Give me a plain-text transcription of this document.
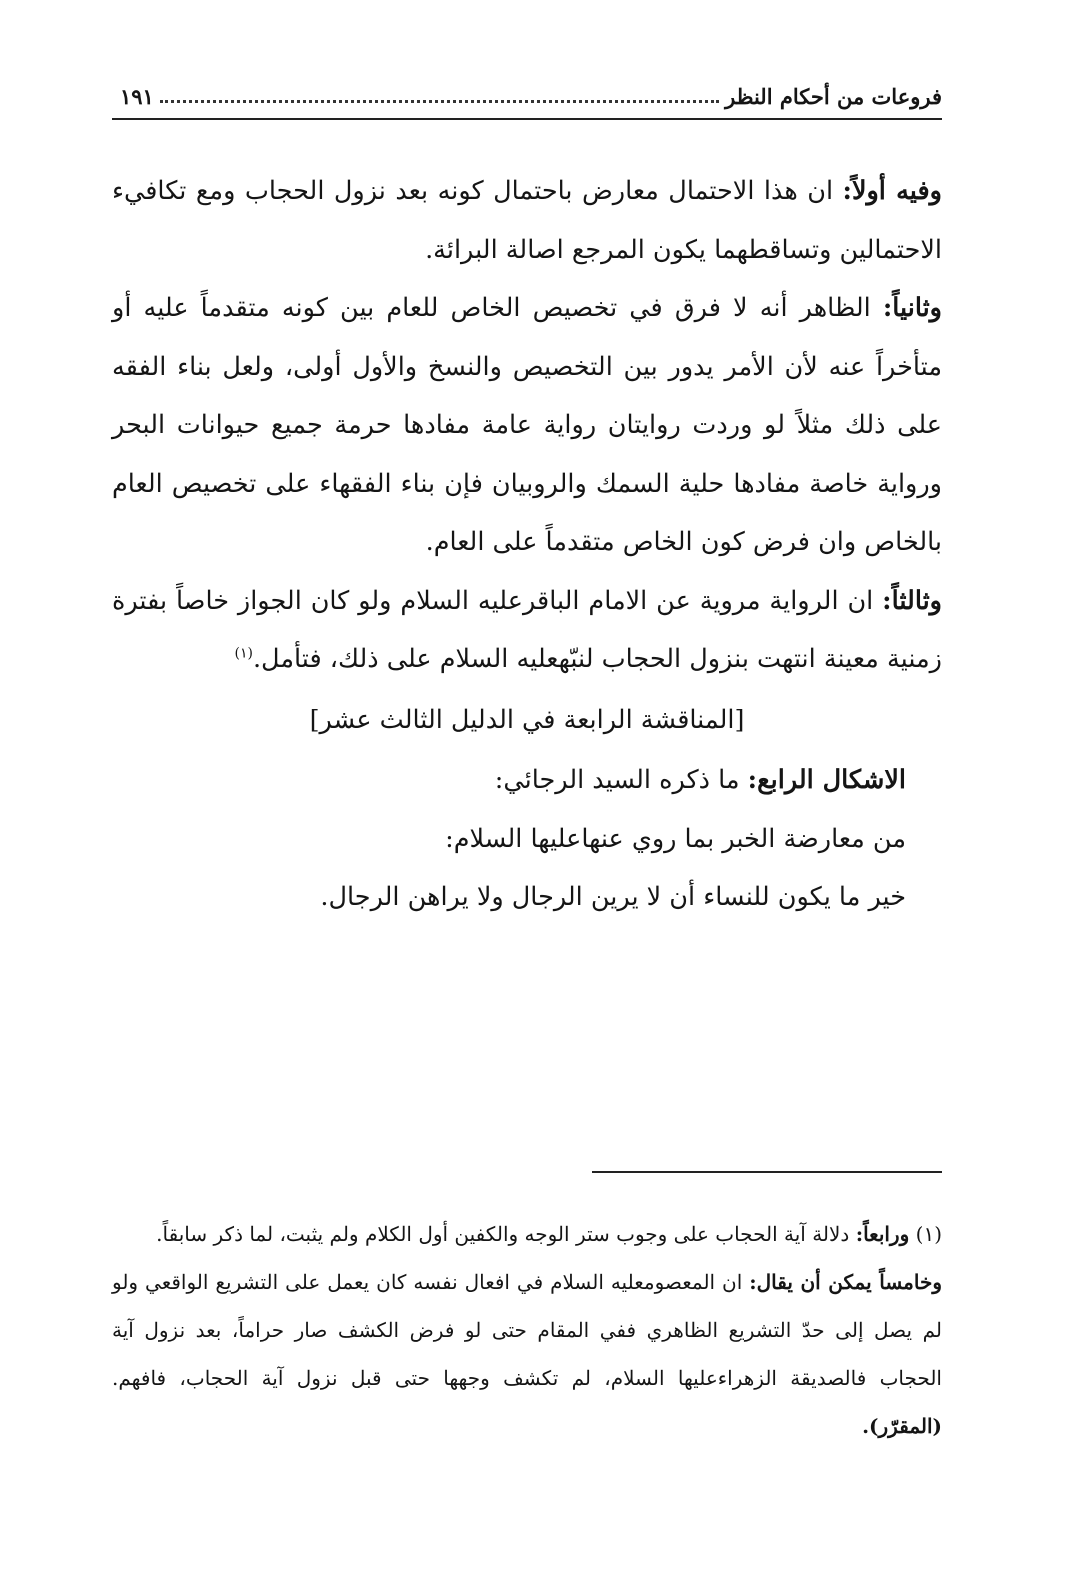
فروعات من أحكام النظر
١٩١

وفيه أولاً: ان هذا الاحتمال معارض باحتمال كونه بعد نزول الحجاب ومع تكافيء الاحتمالين وتساقطهما يكون المرجع اصالة البرائة.

وثانياً: الظاهر أنه لا فرق في تخصيص الخاص للعام بين كونه متقدماً عليه أو متأخراً عنه لأن الأمر يدور بين التخصيص والنسخ والأول أولى، ولعل بناء الفقه على ذلك مثلاً لو وردت روايتان رواية عامة مفادها حرمة جميع حيوانات البحر ورواية خاصة مفادها حلية السمك والروبيان فإن بناء الفقهاء على تخصيص العام بالخاص وان فرض كون الخاص متقدماً على العام.

وثالثاً: ان الرواية مروية عن الامام الباقرعليه السلام ولو كان الجواز خاصاً بفترة زمنية معينة انتهت بنزول الحجاب لنبّهعليه السلام على ذلك، فتأمل.$^{(١)}$

[المناقشة الرابعة في الدليل الثالث عشر]

الاشكال الرابع: ما ذكره السيد الرجائي:

من معارضة الخبر بما روي عنهاعليها السلام:

خير ما يكون للنساء أن لا يرين الرجال ولا يراهن الرجال.

(١) ورابعاً: دلالة آية الحجاب على وجوب ستر الوجه والكفين أول الكلام ولم يثبت، لما ذكر سابقاً.

وخامساً يمكن أن يقال: ان المعصومعليه السلام في افعال نفسه كان يعمل على التشريع الواقعي ولو لم يصل إلى حدّ التشريع الظاهري ففي المقام حتى لو فرض الكشف صار حراماً، بعد نزول آية الحجاب فالصديقة الزهراءعليها السلام، لم تكشف وجهها حتى قبل نزول آية الحجاب، فافهم. (المقرّر).
